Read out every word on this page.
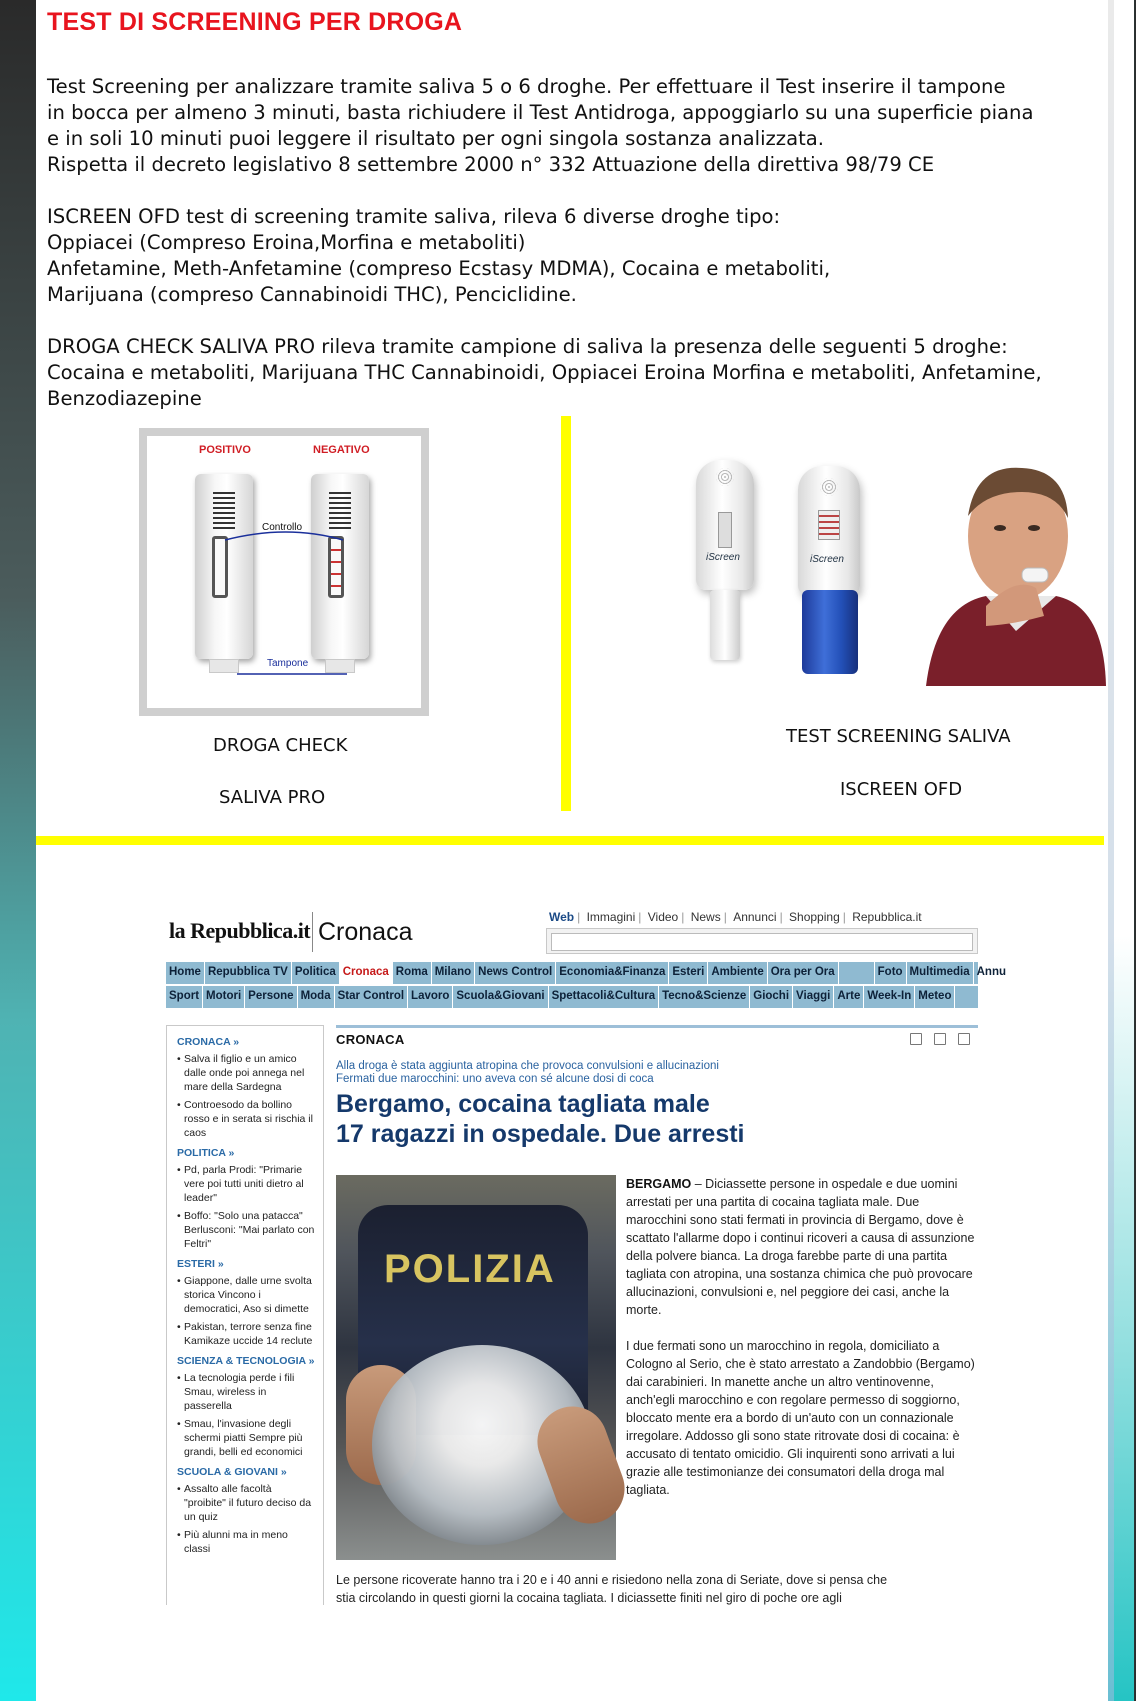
TEST DI SCREENING PER DROGA

Test Screening per analizzare tramite saliva 5 o 6 droghe. Per effettuare il Test inserire il tampone

in bocca per almeno 3 minuti, basta richiudere il Test Antidroga, appoggiarlo su una superficie piana

e in soli 10 minuti puoi leggere il risultato per ogni singola sostanza analizzata.

Rispetta il decreto legislativo 8 settembre 2000 n° 332 Attuazione della direttiva 98/79 CE

ISCREEN OFD test di screening tramite saliva, rileva 6 diverse droghe tipo:

Oppiacei (Compreso Eroina,Morfina e metaboliti)

Anfetamine, Meth-Anfetamine (compreso Ecstasy MDMA), Cocaina e metaboliti,

Marijuana (compreso Cannabinoidi THC), Penciclidine.

DROGA CHECK SALIVA PRO rileva tramite campione di saliva la presenza delle seguenti 5 droghe:

Cocaina e metaboliti, Marijuana THC Cannabinoidi, Oppiacei Eroina Morfina e metaboliti, Anfetamine,

Benzodiazepine

POSITIVO	NEGATIVO
Controllo
Tampone
DROGA CHECK
SALIVA PRO
iScreen	iScreen
TEST SCREENING SALIVA
ISCREEN OFD
la Repubblica.it Cronaca
Web | Immagini | Video | News | Annunci | Shopping | Repubblica.it
Home Repubblica TV Politica Cronaca Roma Milano News Control Economia&Finanza Esteri Ambiente Ora per Ora	Foto Multimedia Annu
Sport Motori Persone Moda Star Control Lavoro Scuola&Giovani Spettacoli&Cultura Tecno&Scienze Giochi Viaggi Arte Week-In Meteo
CRONACA »
• Salva il figlio e un amico dalle onde poi annega nel mare della Sardegna
• Controesodo da bollino rosso e in serata si rischia il caos
POLITICA »
• Pd, parla Prodi: "Primarie vere poi tutti uniti dietro al leader"
• Boffo: "Solo una patacca" Berlusconi: "Mai parlato con Feltri"
ESTERI »
• Giappone, dalle urne svolta storica Vincono i democratici, Aso si dimette
• Pakistan, terrore senza fine Kamikaze uccide 14 reclute
SCIENZA & TECNOLOGIA »
• La tecnologia perde i fili Smau, wireless in passerella
• Smau, l'invasione degli schermi piatti Sempre più grandi, belli ed economici
SCUOLA & GIOVANI »
• Assalto alle facoltà "proibite" il futuro deciso da un quiz
• Più alunni ma in meno classi
CRONACA
Alla droga è stata aggiunta atropina che provoca convulsioni e allucinazioni
Fermati due marocchini: uno aveva con sé alcune dosi di coca
Bergamo, cocaina tagliata male
17 ragazzi in ospedale. Due arresti
POLIZIA

BERGAMO – Diciassette persone in ospedale e due uomini arrestati per una partita di cocaina tagliata male. Due marocchini sono stati fermati in provincia di Bergamo, dove è scattato l'allarme dopo i continui ricoveri a causa di assunzione della polvere bianca. La droga farebbe parte di una partita tagliata con atropina, una sostanza chimica che può provocare allucinazioni, convulsioni e, nel peggiore dei casi, anche la morte.

I due fermati sono un marocchino in regola, domiciliato a Cologno al Serio, che è stato arrestato a Zandobbio (Bergamo) dai carabinieri. In manette anche un altro ventinovenne, anch'egli marocchino e con regolare permesso di soggiorno, bloccato mente era a bordo di un'auto con un connazionale irregolare. Addosso gli sono state ritrovate dosi di cocaina: è accusato di tentato omicidio. Gli inquirenti sono arrivati a lui grazie alle testimonianze dei consumatori della droga mal tagliata.

Le persone ricoverate hanno tra i 20 e i 40 anni e risiedono nella zona di Seriate, dove si pensa che
stia circolando in questi giorni la cocaina tagliata. I diciassette finiti nel giro di poche ore agli
